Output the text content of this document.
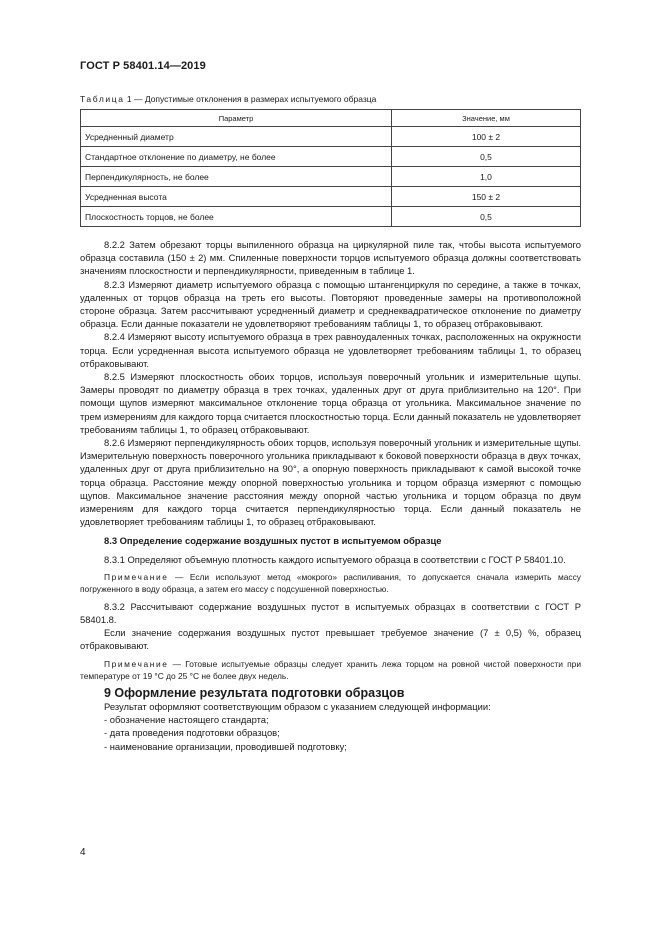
ГОСТ Р 58401.14—2019
Таблица 1 — Допустимые отклонения в размерах испытуемого образца
Параметр	Значение, мм
Усредненный диаметр	100 ± 2
Стандартное отклонение по диаметру, не более	0,5
Перпендикулярность, не более	1,0
Усредненная высота	150 ± 2
Плоскостность торцов, не более	0,5

8.2.2 Затем обрезают торцы выпиленного образца на циркулярной пиле так, чтобы высота испытуемого образца составила (150 ± 2) мм. Спиленные поверхности торцов испытуемого образца должны соответствовать значениям плоскостности и перпендикулярности, приведенным в таблице 1.

8.2.3 Измеряют диаметр испытуемого образца с помощью штангенциркуля по середине, а также в точках, удаленных от торцов образца на треть его высоты. Повторяют проведенные замеры на противоположной стороне образца. Затем рассчитывают усредненный диаметр и среднеквадратическое отклонение по диаметру образца. Если данные показатели не удовлетворяют требованиям таблицы 1, то образец отбраковывают.

8.2.4 Измеряют высоту испытуемого образца в трех равноудаленных точках, расположенных на окружности торца. Если усредненная высота испытуемого образца не удовлетворяет требованиям таблицы 1, то образец отбраковывают.

8.2.5 Измеряют плоскостность обоих торцов, используя поверочный угольник и измерительные щупы. Замеры проводят по диаметру образца в трех точках, удаленных друг от друга приблизительно на 120°. При помощи щупов измеряют максимальное отклонение торца образца от угольника. Максимальное значение по трем измерениям для каждого торца считается плоскостностью торца. Если данный показатель не удовлетворяет требованиям таблицы 1, то образец отбраковывают.

8.2.6 Измеряют перпендикулярность обоих торцов, используя поверочный угольник и измерительные щупы. Измерительную поверхность поверочного угольника прикладывают к боковой поверхности образца в двух точках, удаленных друг от друга приблизительно на 90°, а опорную поверхность прикладывают к самой высокой точке торца образца. Расстояние между опорной поверхностью угольника и торцом образца измеряют с помощью щупов. Максимальное значение расстояния между опорной частью угольника и торцом образца по двум измерениям для каждого торца считается перпендикулярностью торца. Если данный показатель не удовлетворяет требованиям таблицы 1, то образец отбраковывают.

8.3 Определение содержание воздушных пустот в испытуемом образце

8.3.1 Определяют объемную плотность каждого испытуемого образца в соответствии с ГОСТ Р 58401.10.

Примечание — Если используют метод «мокрого» распиливания, то допускается сначала измерить массу погруженного в воду образца, а затем его массу с подсушенной поверхностью.

8.3.2 Рассчитывают содержание воздушных пустот в испытуемых образцах в соответствии с ГОСТ Р 58401.8.

Если значение содержания воздушных пустот превышает требуемое значение (7 ± 0,5) %, образец отбраковывают.

Примечание — Готовые испытуемые образцы следует хранить лежа торцом на ровной чистой поверхности при температуре от 19 °С до 25 °С не более двух недель.

9 Оформление результата подготовки образцов

Результат оформляют соответствующим образом с указанием следующей информации:

- обозначение настоящего стандарта;

- дата проведения подготовки образцов;

- наименование организации, проводившей подготовку;

4
